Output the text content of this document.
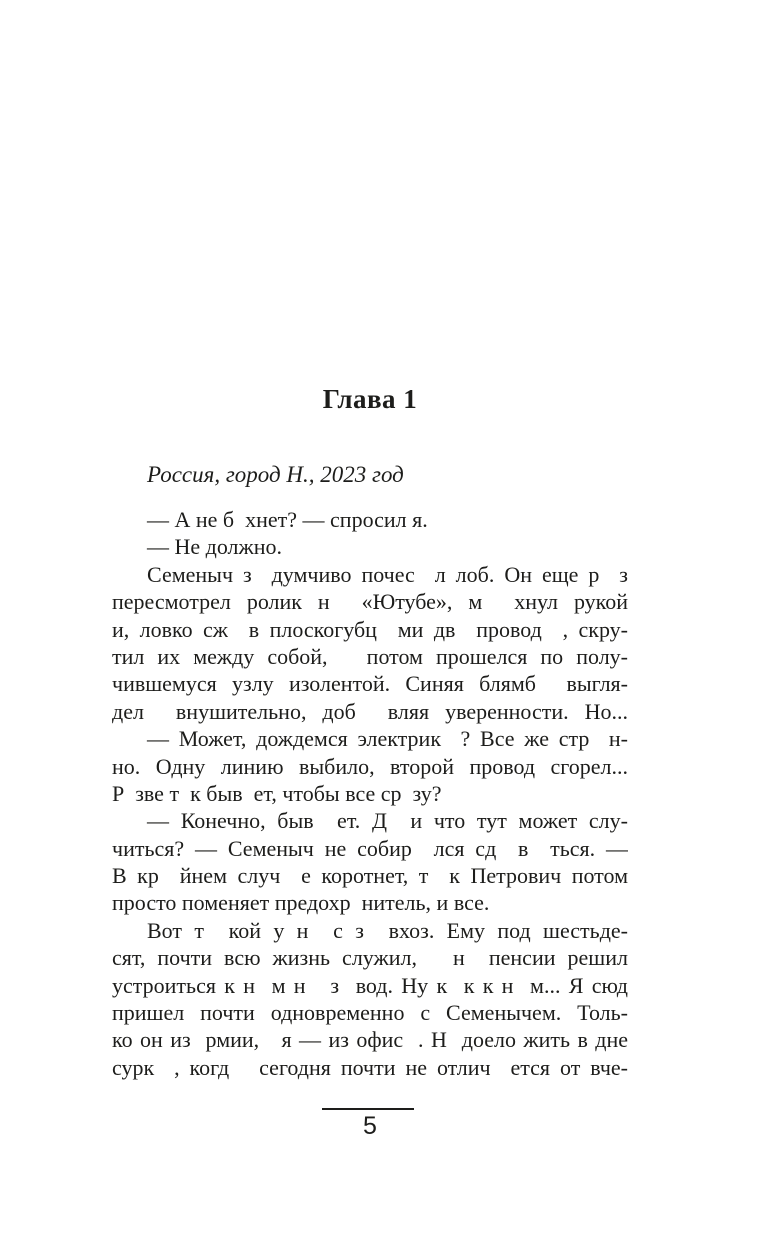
Глава 1
Россия, город Н., 2023 год
— А не б  хнет? — спросил я.
— Не должно.
Семеныч з  думчиво почес  л лоб. Он еще р  з
пересмотрел ролик н  «Ютубе», м  хнул рукой
и, ловко сж  в плоскогубц  ми дв  провод  , скру-
тил их между собой,   потом прошелся по полу-
чившемуся узлу изолентой. Синяя блямб  выгля-
дел  внушительно, доб  вляя уверенности. Но...
— Может, дождемся электрик  ? Все же стр  н-
но. Одну линию выбило, второй провод сгорел...
Р  зве т  к быв  ет, чтобы все ср  зу?
— Конечно, быв  ет. Д  и что тут может слу-
читься? — Семеныч не собир  лся сд  в  ться. —
В кр  йнем случ  е коротнет, т  к Петрович потом
просто поменяет предохр  нитель, и все.
Вот т  кой у н  с з  вхоз. Ему под шестьде-
сят, почти всю жизнь служил,   н  пенсии решил
устроиться к н  м н   з  вод. Ну к  к к н  м... Я сюд
пришел почти одновременно с Семенычем. Толь-
ко он из  рмии,   я — из офис  . Н  доело жить в дне
сурк  , когд   сегодня почти не отлич  ется от вче-
5
